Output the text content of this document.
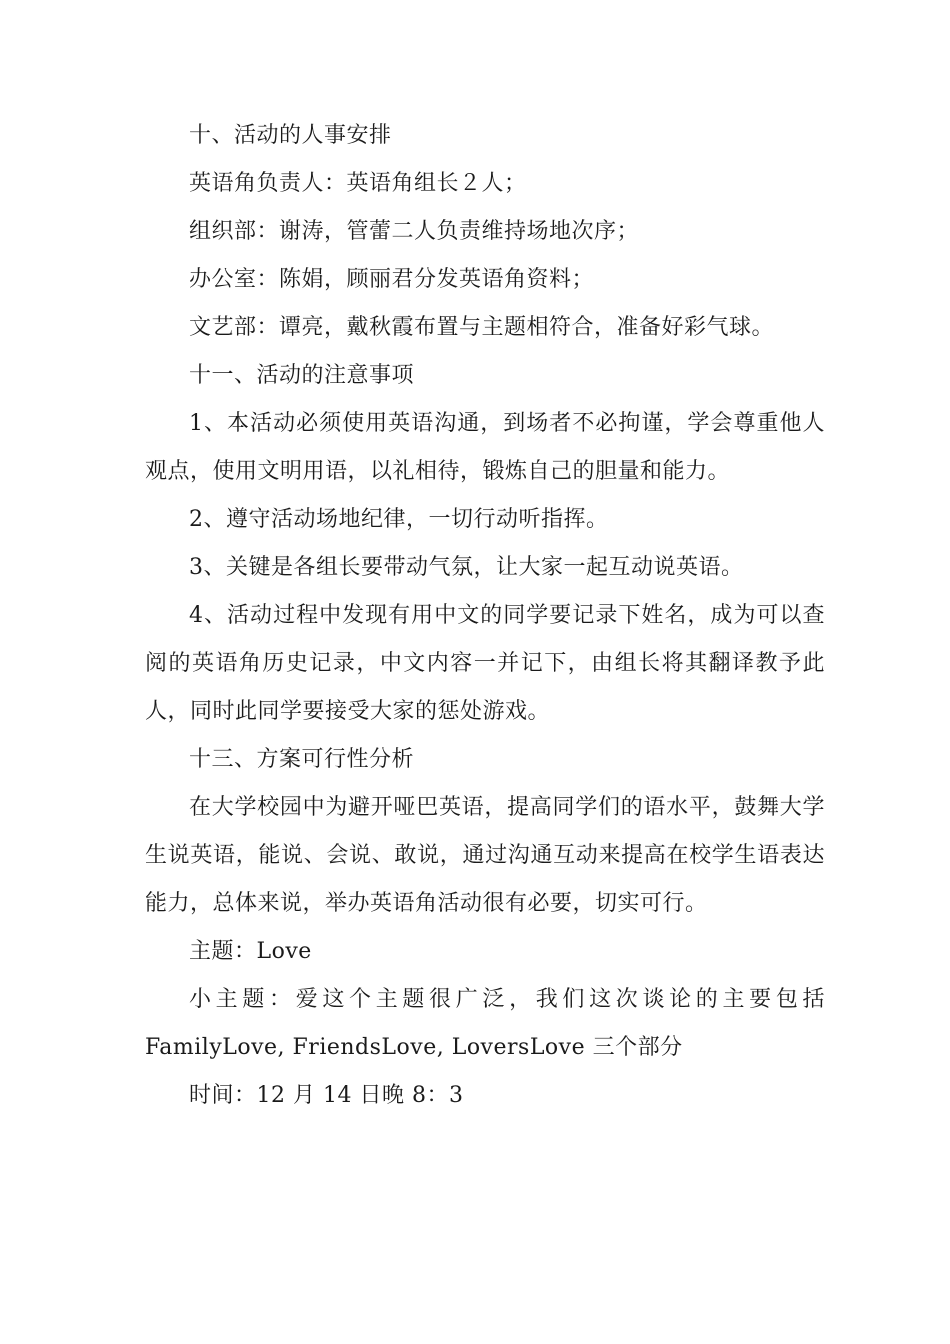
十、活动的人事安排

英语角负责人：英语角组长２人；

组织部：谢涛，管蕾二人负责维持场地次序；

办公室：陈娟，顾丽君分发英语角资料；

文艺部：谭亮，戴秋霞布置与主题相符合，准备好彩气球。

十一、活动的注意事项

1、本活动必须使用英语沟通，到场者不必拘谨，学会尊重他人观点，使用文明用语，以礼相待，锻炼自己的胆量和能力。

2、遵守活动场地纪律，一切行动听指挥。

3、关键是各组长要带动气氛，让大家一起互动说英语。

4、活动过程中发现有用中文的同学要记录下姓名，成为可以查阅的英语角历史记录，中文内容一并记下，由组长将其翻译教予此人，同时此同学要接受大家的惩处游戏。

十三、方案可行性分析

在大学校园中为避开哑巴英语，提高同学们的语水平，鼓舞大学生说英语，能说、会说、敢说，通过沟通互动来提高在校学生语表达能力，总体来说，举办英语角活动很有必要，切实可行。

主题：Love

小主题：爱这个主题很广泛，我们这次谈论的主要包括 FamilyLove, FriendsLove, LoversLove 三个部分

时间：12 月 14 日晚 8：3
